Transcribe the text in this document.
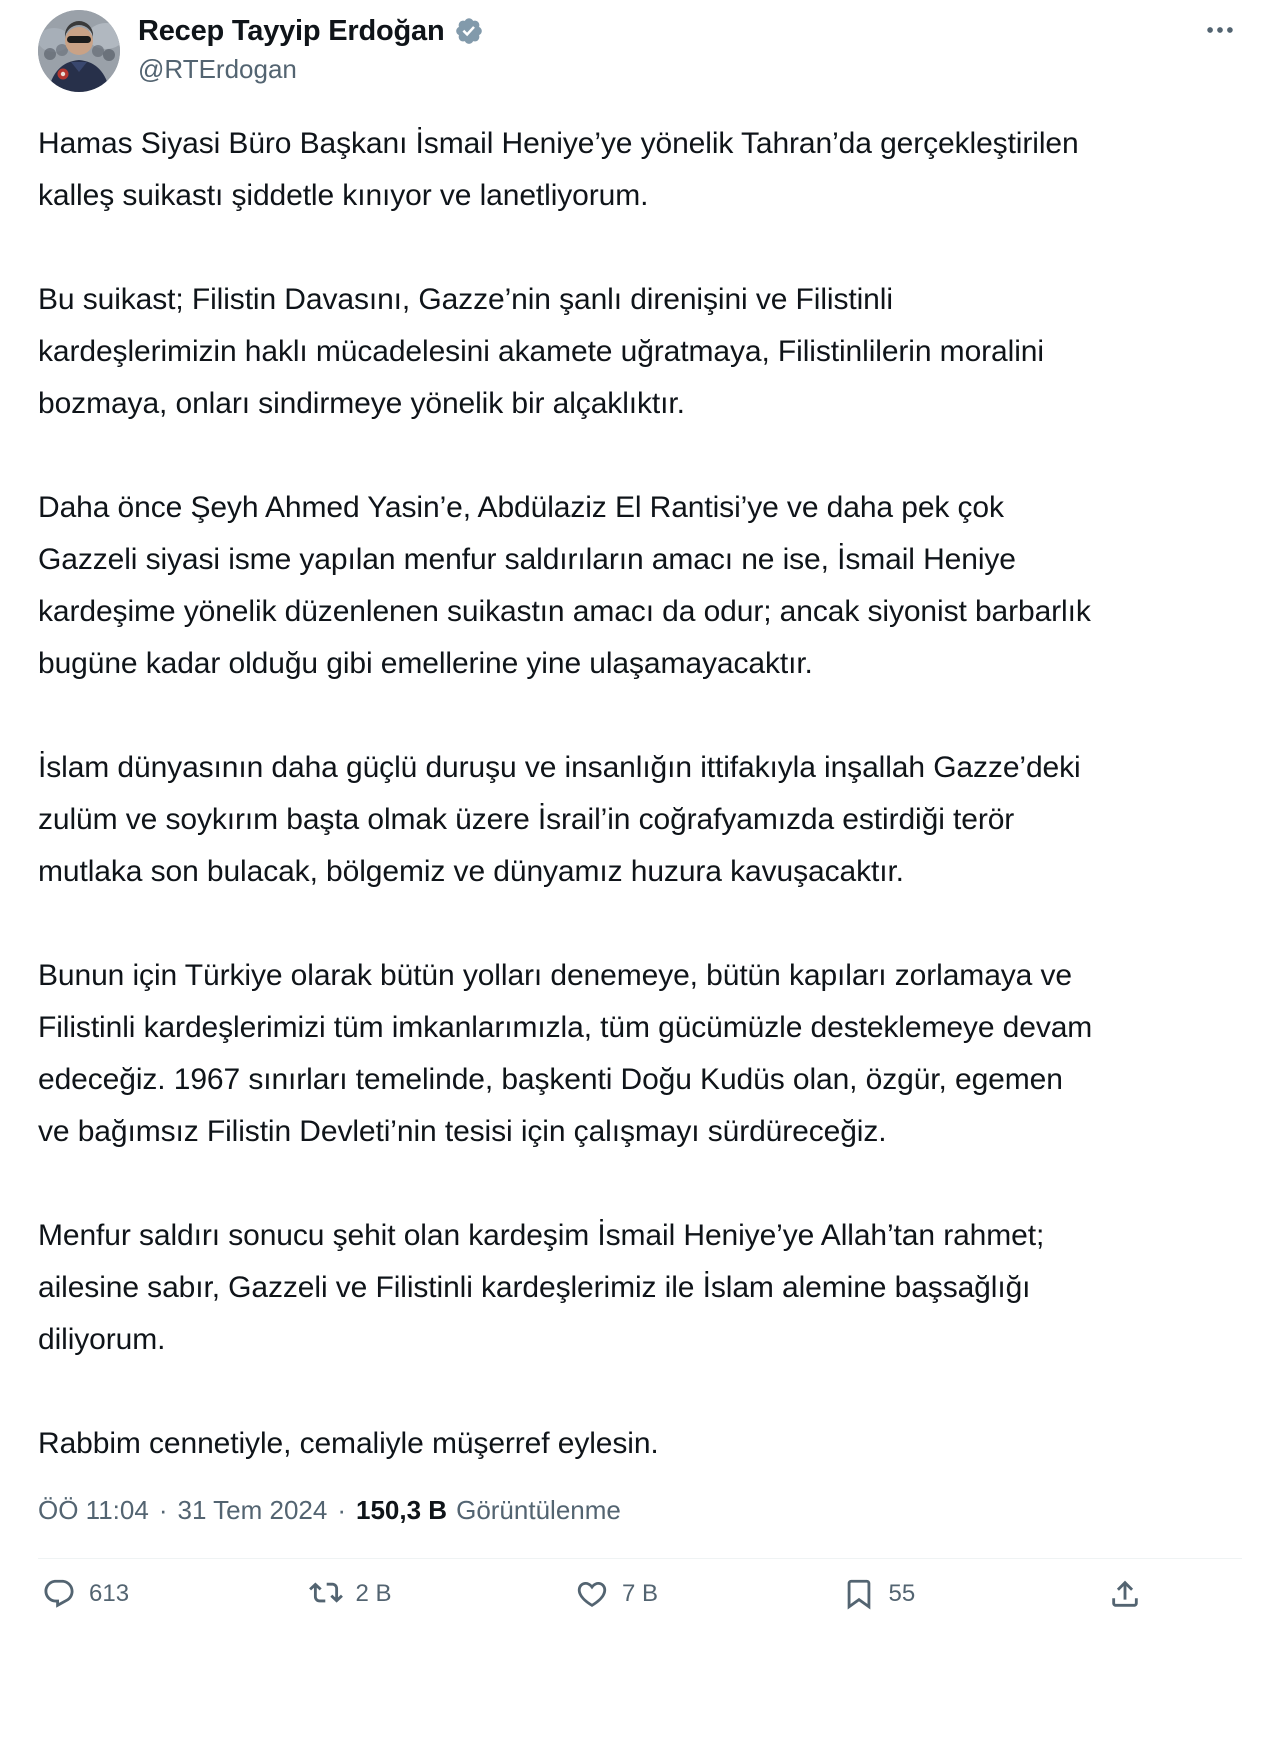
Recep Tayyip Erdoğan
@RTErdogan

Hamas Siyasi Büro Başkanı İsmail Heniye’ye yönelik Tahran’da gerçekleştirilen kalleş suikastı şiddetle kınıyor ve lanetliyorum.

Bu suikast; Filistin Davasını, Gazze’nin şanlı direnişini ve Filistinli kardeşlerimizin haklı mücadelesini akamete uğratmaya, Filistinlilerin moralini bozmaya, onları sindirmeye yönelik bir alçaklıktır.

Daha önce Şeyh Ahmed Yasin’e, Abdülaziz El Rantisi’ye ve daha pek çok Gazzeli siyasi isme yapılan menfur saldırıların amacı ne ise, İsmail Heniye kardeşime yönelik düzenlenen suikastın amacı da odur; ancak siyonist barbarlık bugüne kadar olduğu gibi emellerine yine ulaşamayacaktır.

İslam dünyasının daha güçlü duruşu ve insanlığın ittifakıyla inşallah Gazze’deki zulüm ve soykırım başta olmak üzere İsrail’in coğrafyamızda estirdiği terör mutlaka son bulacak, bölgemiz ve dünyamız huzura kavuşacaktır.

Bunun için Türkiye olarak bütün yolları denemeye, bütün kapıları zorlamaya ve Filistinli kardeşlerimizi tüm imkanlarımızla, tüm gücümüzle desteklemeye devam edeceğiz. 1967 sınırları temelinde, başkenti Doğu Kudüs olan, özgür, egemen ve bağımsız Filistin Devleti’nin tesisi için çalışmayı sürdüreceğiz.

Menfur saldırı sonucu şehit olan kardeşim İsmail Heniye’ye Allah’tan rahmet; ailesine sabır, Gazzeli ve Filistinli kardeşlerimiz ile İslam alemine başsağlığı diliyorum.

Rabbim cennetiyle, cemaliyle müşerref eylesin.

ÖÖ 11:04 · 31 Tem 2024 · 150,3 B Görüntülenme
613	2 B	7 B	55
